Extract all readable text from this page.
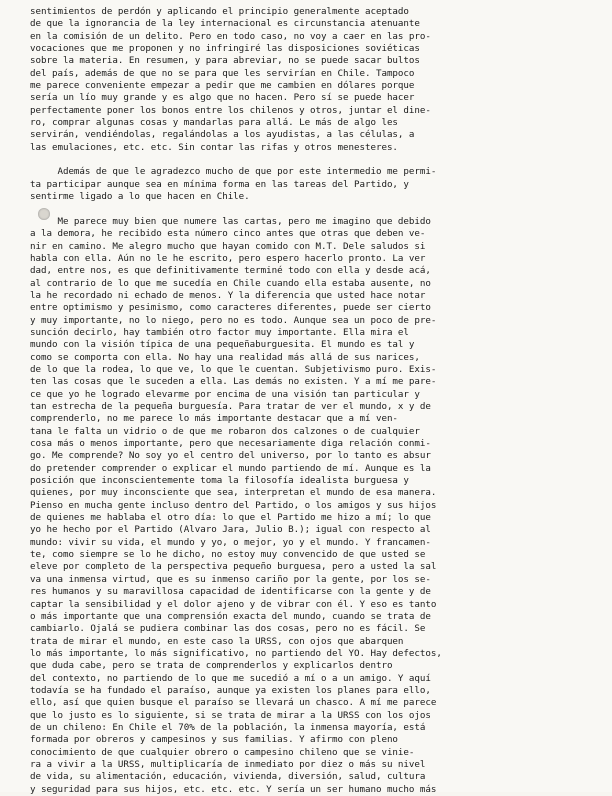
sentimientos de perdón y aplicando el principio generalmente aceptado
de que la ignorancia de la ley internacional es circunstancia atenuante
en la comisión de un delito. Pero en todo caso, no voy a caer en las pro-
vocaciones que me proponen y no infringiré las disposiciones soviéticas
sobre la materia. En resumen, y para abreviar, no se puede sacar bultos
del país, además de que no se para que les servirían en Chile. Tampoco
me parece conveniente empezar a pedir que me cambien en dólares porque
sería un lío muy grande y es algo que no hacen. Pero sí se puede hacer
perfectamente poner los bonos entre los chilenos y otros, juntar el dine-
ro, comprar algunas cosas y mandarlas para allá. Le más de algo les
servirán, vendiéndolas, regalándolas a los ayudistas, a las células, a
las emulaciones, etc. etc. Sin contar las rifas y otros menesteres.
Además de que le agradezco mucho de que por este intermedio me permi-
ta participar aunque sea en mínima forma en las tareas del Partido, y
sentirme ligado a lo que hacen en Chile.
Me parece muy bien que numere las cartas, pero me imagino que debido
a la demora, he recibido esta número cinco antes que otras que deben ve-
nir en camino. Me alegro mucho que hayan comido con M.T. Dele saludos si
habla con ella. Aún no le he escrito, pero espero hacerlo pronto. La ver
dad, entre nos, es que definitivamente terminé todo con ella y desde acá,
al contrario de lo que me sucedía en Chile cuando ella estaba ausente, no
la he recordado ni echado de menos. Y la diferencia que usted hace notar
entre optimismo y pesimismo, como caracteres diferentes, puede ser cierto
y muy importante, no lo niego, pero no es todo. Aunque sea un poco de pre-
sunción decirlo, hay también otro factor muy importante. Ella mira el
mundo con la visión típica de una pequeñaburguesita. El mundo es tal y
como se comporta con ella. No hay una realidad más allá de sus narices,
de lo que la rodea, lo que ve, lo que le cuentan. Subjetivismo puro. Exis-
ten las cosas que le suceden a ella. Las demás no existen. Y a mí me pare-
ce que yo he logrado elevarme por encima de una visión tan particular y
tan estrecha de la pequeña burguesía. Para tratar de ver el mundo, x y de
comprenderlo, no me parece lo más importante destacar que a mí ven-
tana le falta un vidrio o de que me robaron dos calzones o de cualquier
cosa más o menos importante, pero que necesariamente diga relación conmi-
go. Me comprende? No soy yo el centro del universo, por lo tanto es absur
do pretender comprender o explicar el mundo partiendo de mí. Aunque es la
posición que inconscientemente toma la filosofía idealista burguesa y
quienes, por muy inconsciente que sea, interpretan el mundo de esa manera.
Pienso en mucha gente incluso dentro del Partido, o los amigos y sus hijos
de quienes me hablaba el otro día: lo que el Partido me hizo a mí; lo que
yo he hecho por el Partido (Alvaro Jara, Julio B.); igual con respecto al
mundo: vivir su vida, el mundo y yo, o mejor, yo y el mundo. Y francamen-
te, como siempre se lo he dicho, no estoy muy convencido de que usted se
eleve por completo de la perspectiva pequeño burguesa, pero a usted la sal
va una inmensa virtud, que es su inmenso cariño por la gente, por los se-
res humanos y su maravillosa capacidad de identificarse con la gente y de
captar la sensibilidad y el dolor ajeno y de vibrar con él. Y eso es tanto
o más importante que una comprensión exacta del mundo, cuando se trata de
cambiarlo. Ojalá se pudiera combinar las dos cosas, pero no es fácil. Se
trata de mirar el mundo, en este caso la URSS, con ojos que abarquen
lo más importante, lo más significativo, no partiendo del YO. Hay defectos,
que duda cabe, pero se trata de comprenderlos y explicarlos dentro
del contexto, no partiendo de lo que me sucedió a mí o a un amigo. Y aquí
todavía se ha fundado el paraíso, aunque ya existen los planes para ello,
ello, así que quien busque el paraíso se llevará un chasco. A mí me parece
que lo justo es lo siguiente, si se trata de mirar a la URSS con los ojos
de un chileno: En Chile el 70% de la población, la inmensa mayoría, está
formada por obreros y campesinos y sus familias. Y afirmo con pleno
conocimiento de que cualquier obrero o campesino chileno que se vinie-
ra a vivir a la URSS, multiplicaría de inmediato por diez o más su nivel
de vida, su alimentación, educación, vivienda, diversión, salud, cultura
y seguridad para sus hijos, etc. etc. etc. Y sería un ser humano mucho más
